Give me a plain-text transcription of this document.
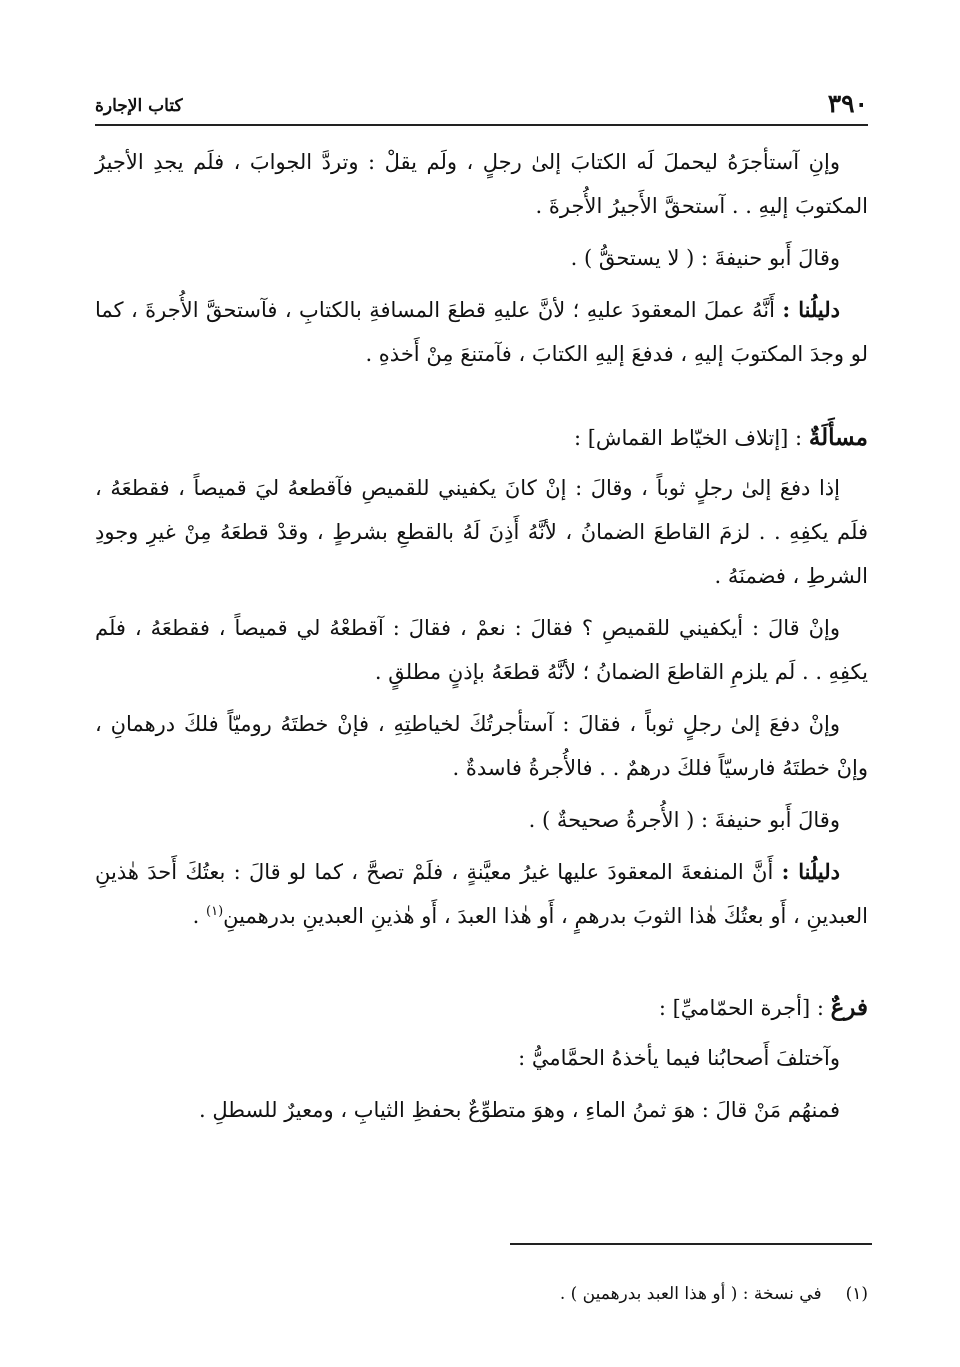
٣٩٠
كتاب الإجارة

وإنِ آستأجرَهُ ليحملَ لَه الكتابَ إلىٰ رجلٍ ، ولَم يقلْ : وتردَّ الجوابَ ، فلَم يجدِ الأجيرُ المكتوبَ إليهِ . . آستحقَّ الأَجيرُ الأُجرةَ .

وقالَ أَبو حنيفةَ : ( لا يستحقُّ ) .

دليلُنا : أَنَّهُ عملَ المعقودَ عليهِ ؛ لأنَّ عليهِ قطعَ المسافةِ بالكتابِ ، فآستحقَّ الأُجرةَ ، كما لو وجدَ المكتوبَ إليهِ ، فدفعَ إليهِ الكتابَ ، فآمتنعَ مِنْ أَخذهِ .

مسأَلَةٌ : [إتلاف الخيّاط القماش] :

إذا دفعَ إلىٰ رجلٍ ثوباً ، وقالَ : إنْ كانَ يكفيني للقميصِ فآقطعهُ ليَ قميصاً ، فقطعَهُ ، فلَم يكفِهِ . . لزمَ القاطعَ الضمانُ ، لأنَّهُ أَذِنَ لَهُ بالقطعِ بشرطٍ ، وقدْ قطعَهُ مِنْ غيرِ وجودِ الشرطِ ، فضمنَهُ .

وإنْ قالَ : أيكفيني للقميصِ ؟ فقالَ : نعمْ ، فقالَ : آقطعْهُ لي قميصاً ، فقطعَهُ ، فلَم يكفِهِ . . لَم يلزمِ القاطعَ الضمانُ ؛ لأنَّهُ قطعَهُ بإذنٍ مطلقٍ .

وإنْ دفعَ إلىٰ رجلٍ ثوباً ، فقالَ : آستأجرتُكَ لخياطتِهِ ، فإنْ خطتَهُ روميّاً فلكَ درهمانِ ، وإنْ خطتَهُ فارسيّاً فلكَ درهمٌ . . فالأُجرةُ فاسدةٌ .

وقالَ أَبو حنيفةَ : ( الأُجرةُ صحيحةٌ ) .

دليلُنا : أَنَّ المنفعةَ المعقودَ عليها غيرُ معيَّنةٍ ، فلَمْ تصحَّ ، كما لو قالَ : بعتُكَ أَحدَ هٰذينِ العبدينِ ، أَو بعتُكَ هٰذا الثوبَ بدرهمٍ ، أَو هٰذا العبدَ ، أَو هٰذينِ العبدينِ بدرهمينِ$^{(١)}$ .

فرعٌ : [أجرة الحمّاميِّ] :

وآختلفَ أَصحابُنا فيما يأخذهُ الحمَّاميُّ :

فمنهُم مَنْ قالَ : هوَ ثمنُ الماءِ ، وهوَ متطوِّعٌ بحفظِ الثيابِ ، ومعيرٌ للسطلِ .

(١)في نسخة : ( أو هذا العبد بدرهمين ) .
